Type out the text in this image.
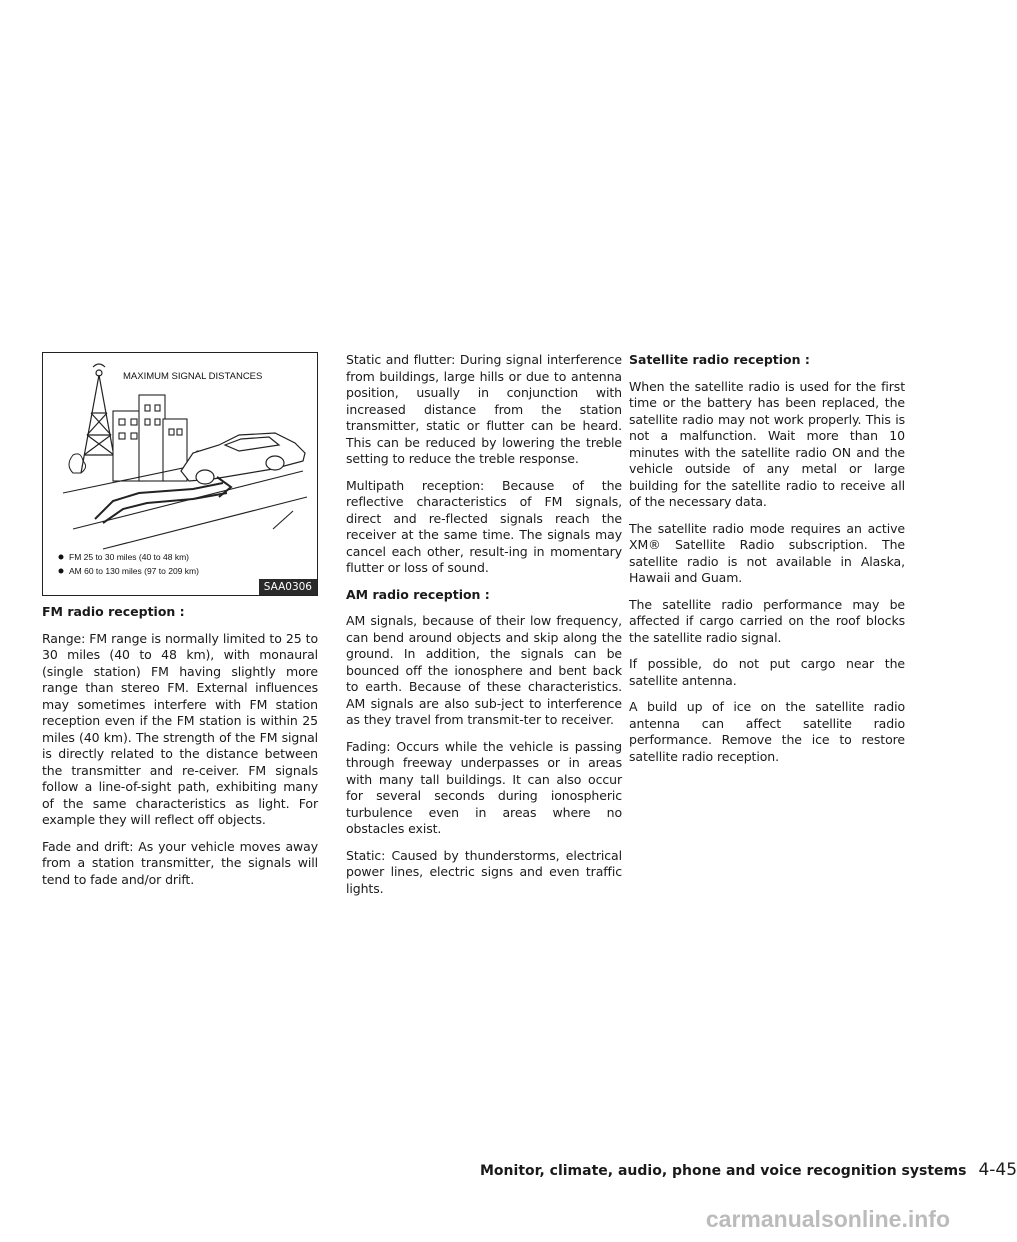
MAXIMUM SIGNAL DISTANCES
FM 25 to 30 miles (40 to 48 km)
AM 60 to 130 miles (97 to 209 km)
SAA0306

FM radio reception :

Range: FM range is normally limited to 25 to 30 miles (40 to 48 km), with monaural (single station) FM having slightly more range than stereo FM. External influences may sometimes interfere with FM station reception even if the FM station is within 25 miles (40 km). The strength of the FM signal is directly related to the distance between the transmitter and re-ceiver. FM signals follow a line-of-sight path, exhibiting many of the same characteristics as light. For example they will reflect off objects.

Fade and drift: As your vehicle moves away from a station transmitter, the signals will tend to fade and/or drift.

Static and flutter: During signal interference from buildings, large hills or due to antenna position, usually in conjunction with increased distance from the station transmitter, static or flutter can be heard. This can be reduced by lowering the treble setting to reduce the treble response.

Multipath reception: Because of the reflective characteristics of FM signals, direct and re-flected signals reach the receiver at the same time. The signals may cancel each other, result-ing in momentary flutter or loss of sound.

AM radio reception :

AM signals, because of their low frequency, can bend around objects and skip along the ground. In addition, the signals can be bounced off the ionosphere and bent back to earth. Because of these characteristics. AM signals are also sub-ject to interference as they travel from transmit-ter to receiver.

Fading: Occurs while the vehicle is passing through freeway underpasses or in areas with many tall buildings. It can also occur for several seconds during ionospheric turbulence even in areas where no obstacles exist.

Static: Caused by thunderstorms, electrical power lines, electric signs and even traffic lights.

Satellite radio reception :

When the satellite radio is used for the first time or the battery has been replaced, the satellite radio may not work properly. This is not a malfunction. Wait more than 10 minutes with the satellite radio ON and the vehicle outside of any metal or large building for the satellite radio to receive all of the necessary data.

The satellite radio mode requires an active XM® Satellite Radio subscription. The satellite radio is not available in Alaska, Hawaii and Guam.

The satellite radio performance may be affected if cargo carried on the roof blocks the satellite radio signal.

If possible, do not put cargo near the satellite antenna.

A build up of ice on the satellite radio antenna can affect satellite radio performance. Remove the ice to restore satellite radio reception.

Monitor, climate, audio, phone and voice recognition systems 4-45
carmanualsonline.info
